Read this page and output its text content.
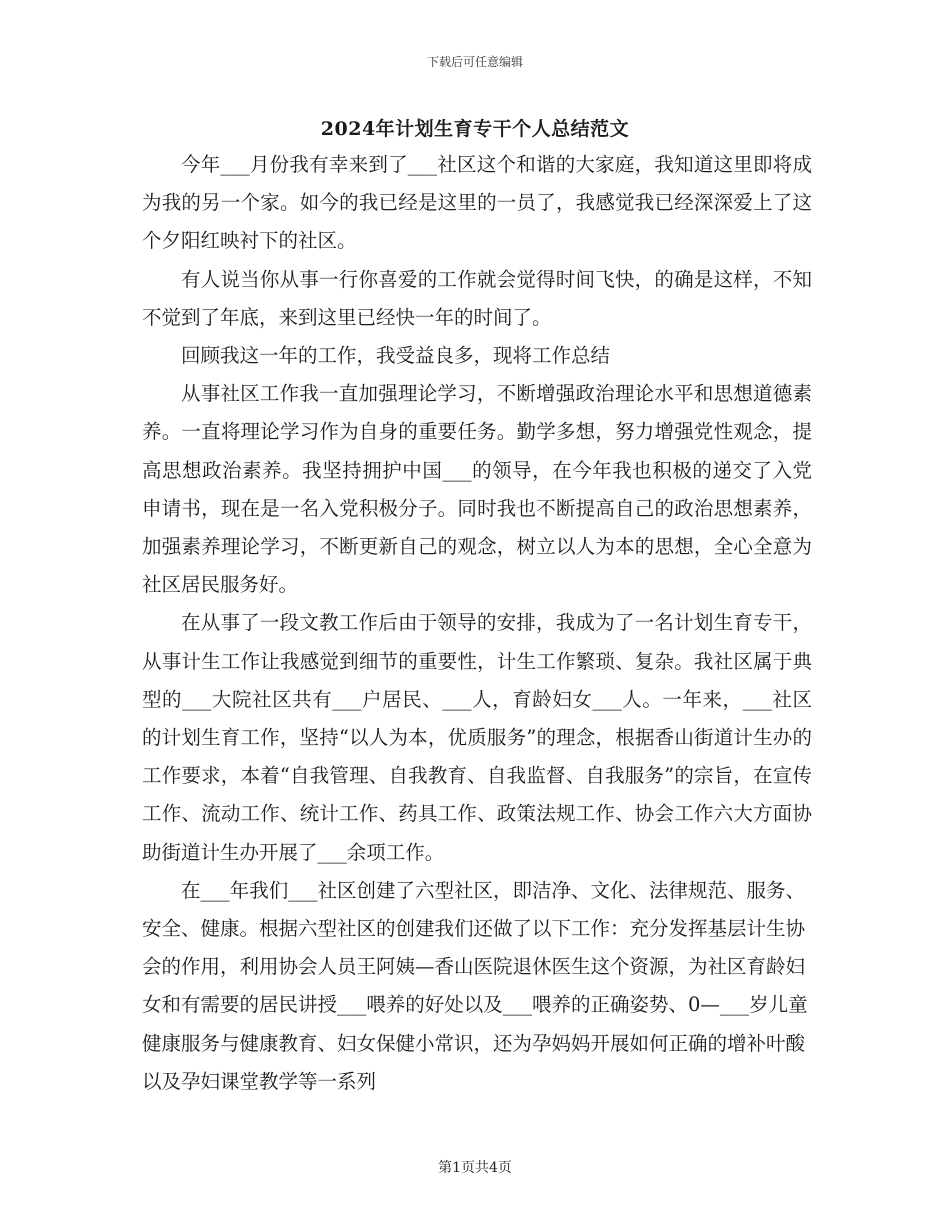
下载后可任意编辑
2024年计划生育专干个人总结范文

今年___月份我有幸来到了___社区这个和谐的大家庭，我知道这里即将成为我的另一个家。如今的我已经是这里的一员了，我感觉我已经深深爱上了这个夕阳红映衬下的社区。

有人说当你从事一行你喜爱的工作就会觉得时间飞快，的确是这样，不知不觉到了年底，来到这里已经快一年的时间了。

回顾我这一年的工作，我受益良多，现将工作总结

从事社区工作我一直加强理论学习，不断增强政治理论水平和思想道德素养。一直将理论学习作为自身的重要任务。勤学多想，努力增强党性观念，提高思想政治素养。我坚持拥护中国___的领导，在今年我也积极的递交了入党申请书，现在是一名入党积极分子。同时我也不断提高自己的政治思想素养，加强素养理论学习，不断更新自己的观念，树立以人为本的思想，全心全意为社区居民服务好。

在从事了一段文教工作后由于领导的安排，我成为了一名计划生育专干，从事计生工作让我感觉到细节的重要性，计生工作繁琐、复杂。我社区属于典型的___大院社区共有___户居民、___人，育龄妇女___人。一年来，___社区的计划生育工作，坚持“以人为本，优质服务”的理念，根据香山街道计生办的工作要求，本着“自我管理、自我教育、自我监督、自我服务”的宗旨，在宣传工作、流动工作、统计工作、药具工作、政策法规工作、协会工作六大方面协助街道计生办开展了___余项工作。

在___年我们___社区创建了六型社区，即洁净、文化、法律规范、服务、安全、健康。根据六型社区的创建我们还做了以下工作：充分发挥基层计生协会的作用，利用协会人员王阿姨—香山医院退休医生这个资源，为社区育龄妇女和有需要的居民讲授___喂养的好处以及___喂养的正确姿势、0—___岁儿童健康服务与健康教育、妇女保健小常识，还为孕妈妈开展如何正确的增补叶酸以及孕妇课堂教学等一系列

第1页共4页
